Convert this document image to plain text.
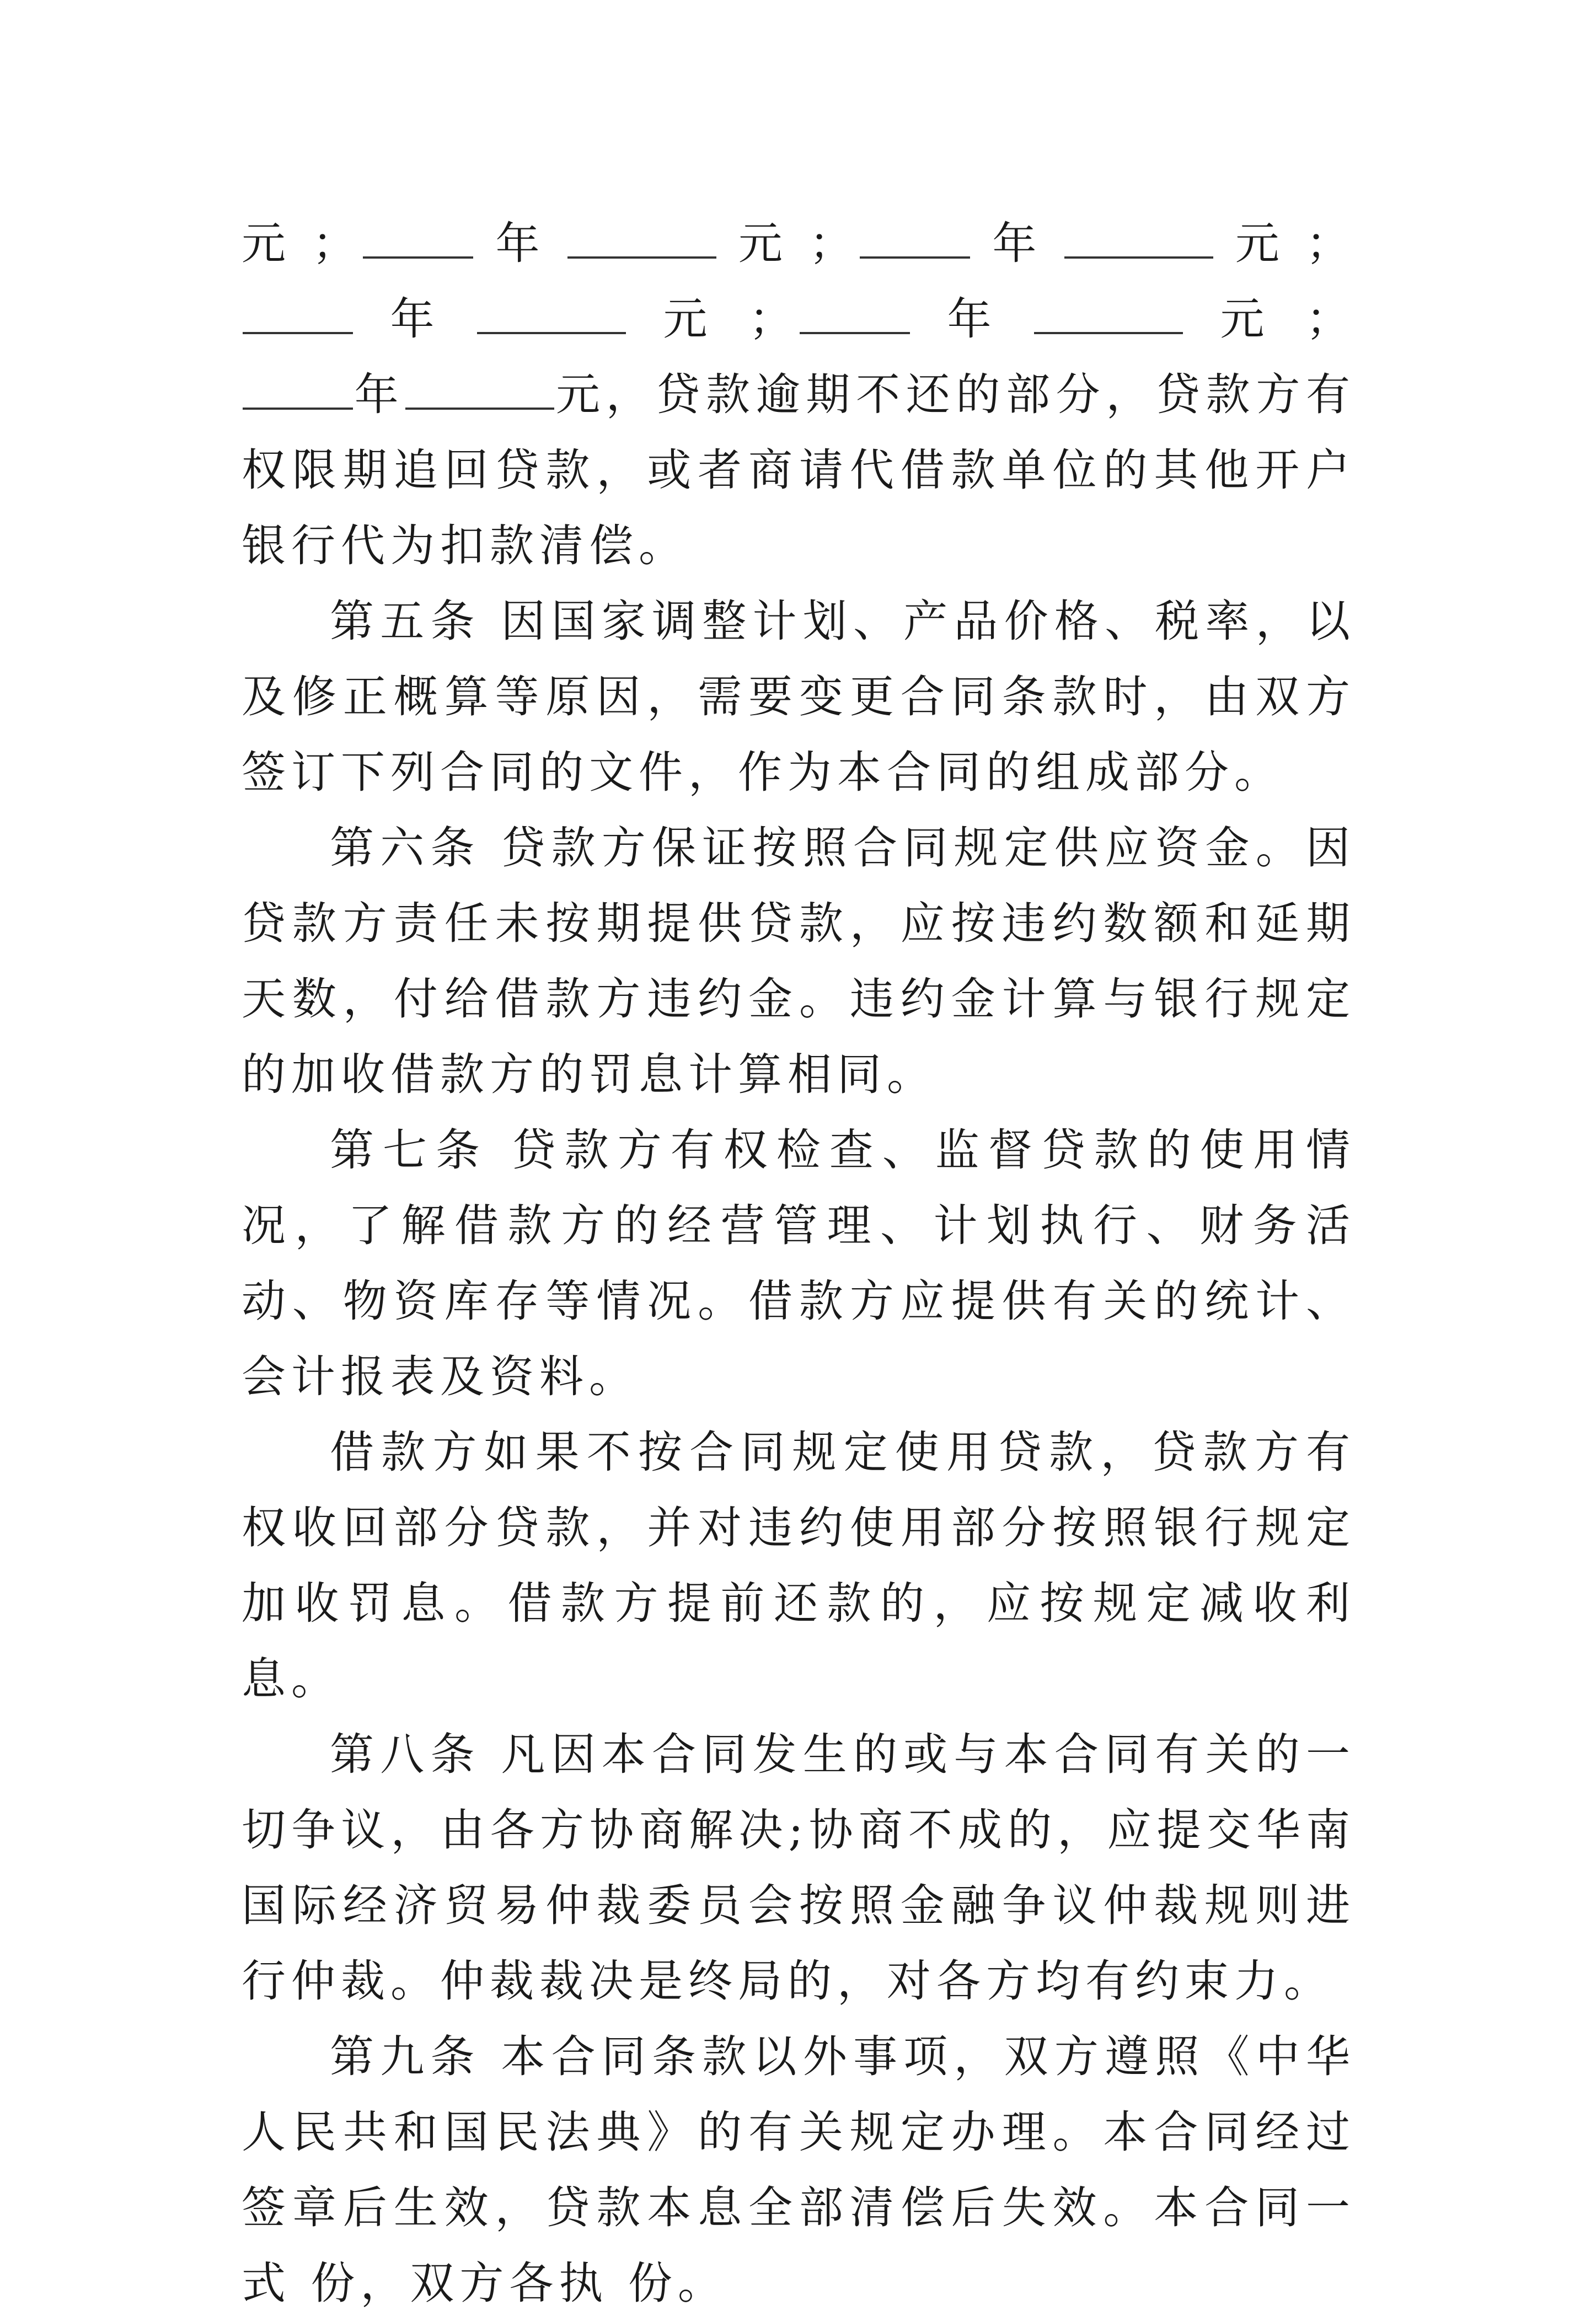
元；	年	元；	年	元；年	元；	年	元；年	元，贷款逾期不还的部分，贷款方有权限期追回贷款，或者商请代借款单位的其他开户银行代为扣款清偿。

第五条 因国家调整计划、产品价格、税率，以及修正概算等原因，需要变更合同条款时，由双方签订下列合同的文件，作为本合同的组成部分。

第六条 贷款方保证按照合同规定供应资金。因贷款方责任未按期提供贷款，应按违约数额和延期天数，付给借款方违约金。违约金计算与银行规定的加收借款方的罚息计算相同。

第七条 贷款方有权检查、监督贷款的使用情况，了解借款方的经营管理、计划执行、财务活动、物资库存等情况。借款方应提供有关的统计、会计报表及资料。

借款方如果不按合同规定使用贷款，贷款方有权收回部分贷款，并对违约使用部分按照银行规定加收罚息。借款方提前还款的，应按规定减收利息。

第八条 凡因本合同发生的或与本合同有关的一切争议，由各方协商解决;协商不成的，应提交华南国际经济贸易仲裁委员会按照金融争议仲裁规则进行仲裁。仲裁裁决是终局的，对各方均有约束力。

第九条 本合同条款以外事项，双方遵照《中华人民共和国民法典》的有关规定办理。本合同经过签章后生效，贷款本息全部清偿后失效。本合同一式 份，双方各执 份。
